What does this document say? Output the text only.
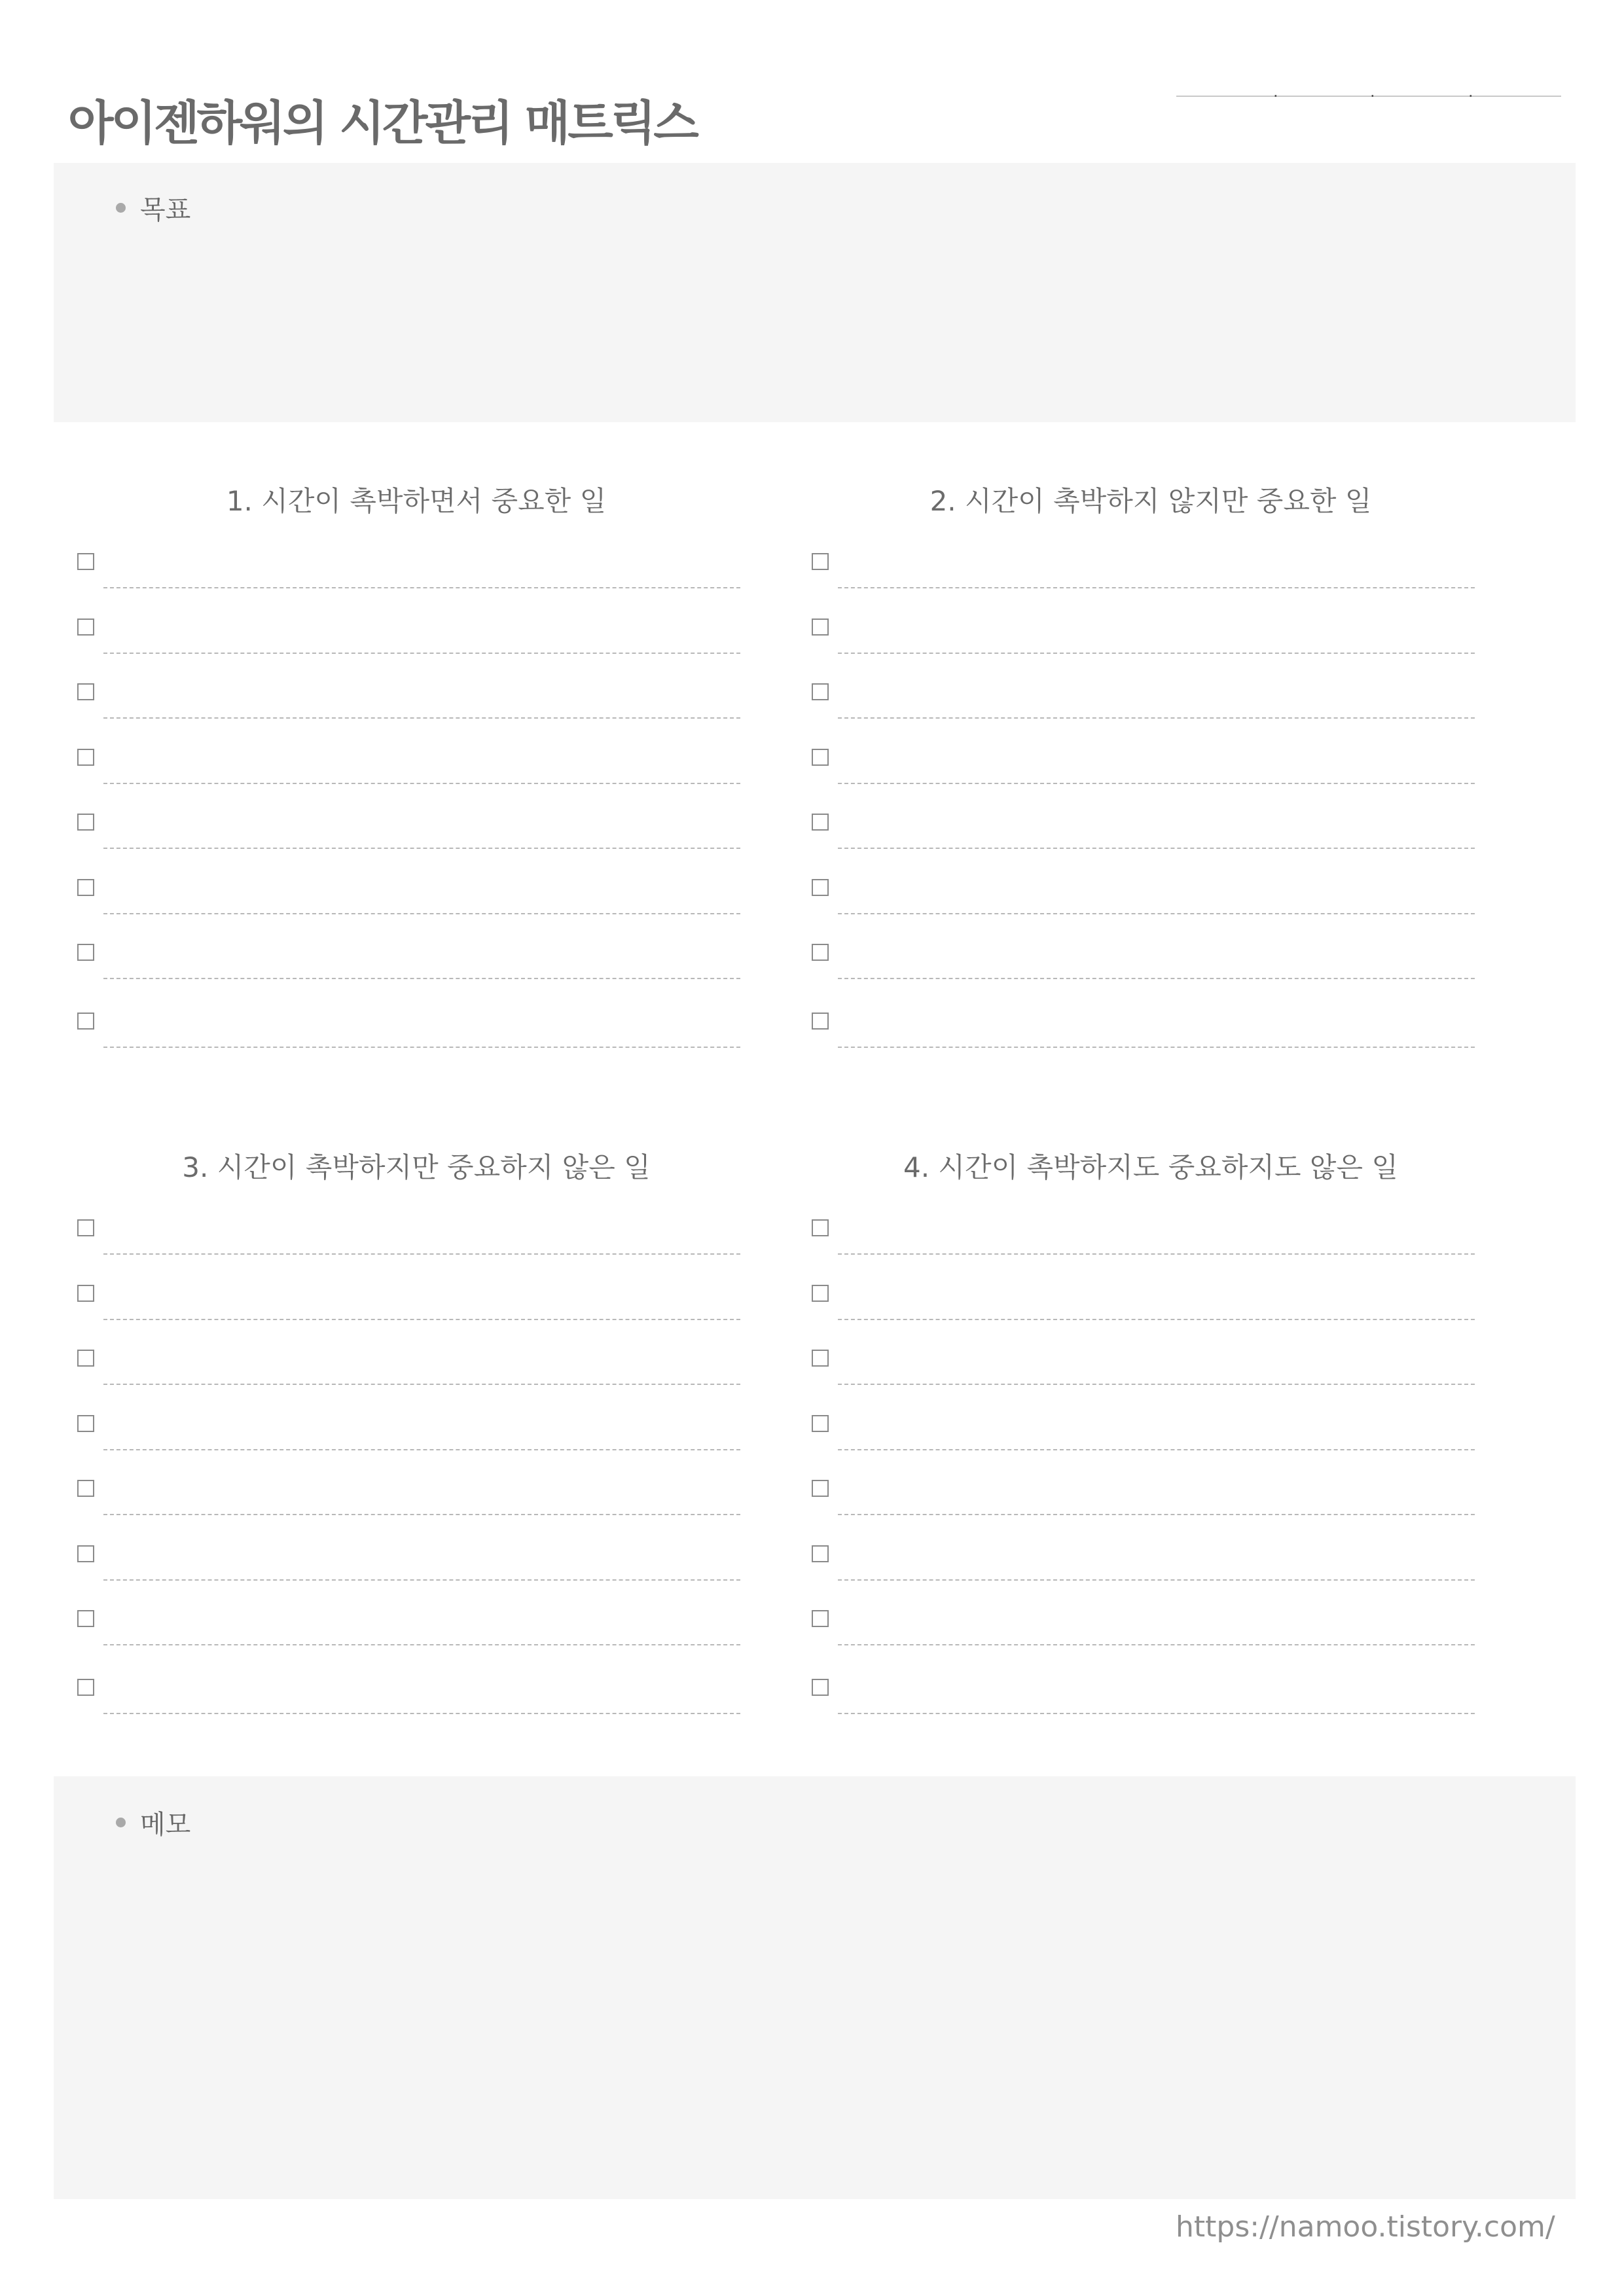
아이젠하워의 시간관리 매트릭스
.	.	.
목표
1. 시간이 촉박하면서 중요한 일	2. 시간이 촉박하지 않지만 중요한 일
3. 시간이 촉박하지만 중요하지 않은 일	4. 시간이 촉박하지도 중요하지도 않은 일
메모
https://namoo.tistory.com/
